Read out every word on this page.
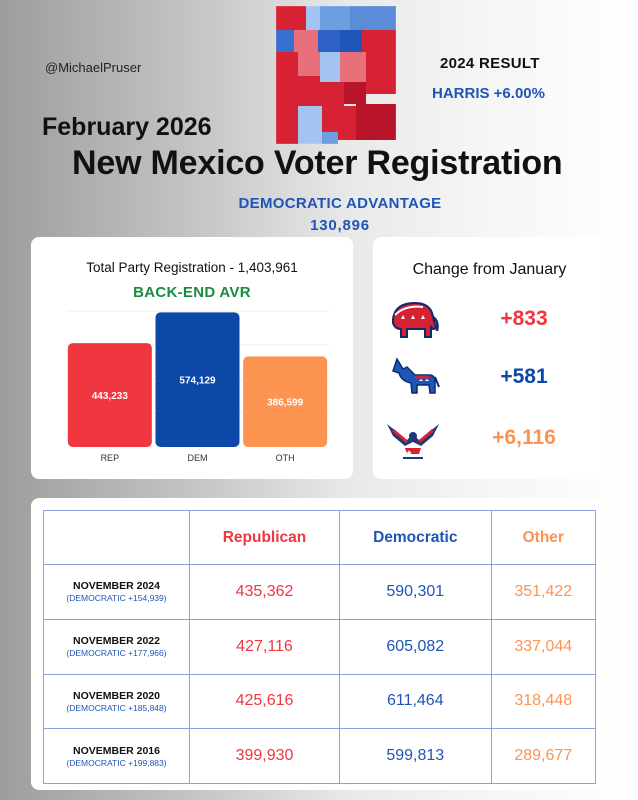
@MichaelPruser	2024 RESULT
HARRIS +6.00%
February 2026
New Mexico Voter Registration
DEMOCRATIC ADVANTAGE
130,896
Total Party Registration - 1,403,961
BACK-END AVR
443,233
REP
574,129
DEM
386,599
OTH
Change from January
+833
+581
+6,116
	Republican	Democratic	Other

NOVEMBER 2024
(DEMOCRATIC +154,939)	435,362	590,301	351,422

NOVEMBER 2022
(DEMOCRATIC +177,966)	427,116	605,082	337,044

NOVEMBER 2020
(DEMOCRATIC +185,848)	425,616	611,464	318,448

NOVEMBER 2016
(DEMOCRATIC +199,883)	399,930	599,813	289,677
